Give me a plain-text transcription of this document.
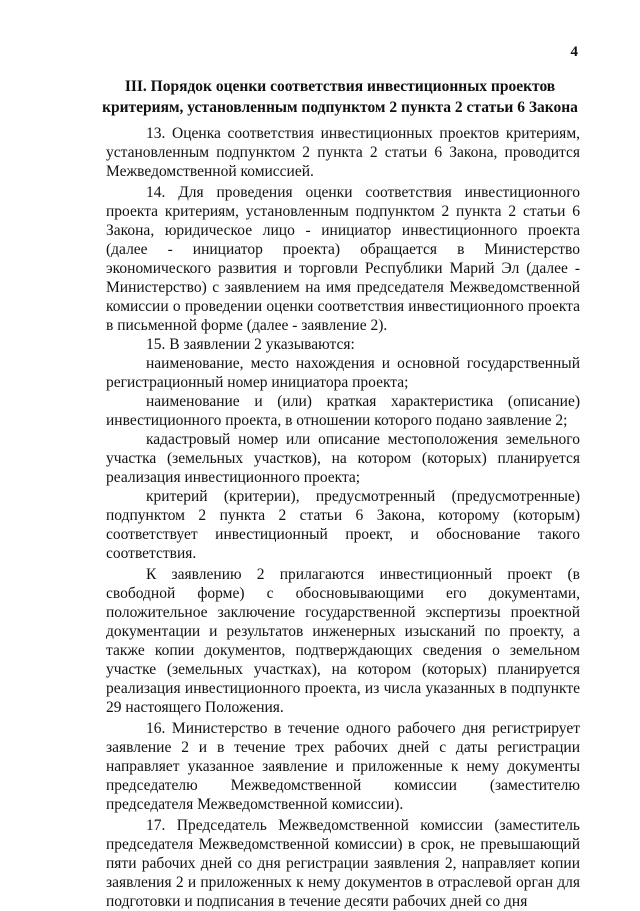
4
III. Порядок оценки соответствия инвестиционных проектов
критериям, установленным подпунктом 2 пункта 2 статьи 6 Закона

13. Оценка соответствия инвестиционных проектов критериям, установленным подпунктом 2 пункта 2 статьи 6 Закона, проводится Межведомственной комиссией.

14. Для проведения оценки соответствия инвестиционного проекта критериям, установленным подпунктом 2 пункта 2 статьи 6 Закона, юридическое лицо - инициатор инвестиционного проекта (далее - инициатор проекта) обращается в Министерство экономического развития и торговли Республики Марий Эл (далее - Министерство) с заявлением на имя председателя Межведомственной комиссии о проведении оценки соответствия инвестиционного проекта в письменной форме (далее - заявление 2).

15. В заявлении 2 указываются:

наименование, место нахождения и основной государственный регистрационный номер инициатора проекта;

наименование и (или) краткая характеристика (описание) инвестиционного проекта, в отношении которого подано заявление 2;

кадастровый номер или описание местоположения земельного участка (земельных участков), на котором (которых) планируется реализация инвестиционного проекта;

критерий (критерии), предусмотренный (предусмотренные) подпунктом 2 пункта 2 статьи 6 Закона, которому (которым) соответствует инвестиционный проект, и обоснование такого соответствия.

К заявлению 2 прилагаются инвестиционный проект (в свободной форме) с обосновывающими его документами, положительное заключение государственной экспертизы проектной документации и результатов инженерных изысканий по проекту, а также копии документов, подтверждающих сведения о земельном участке (земельных участках), на котором (которых) планируется реализация инвестиционного проекта, из числа указанных в подпункте 29 настоящего Положения.

16. Министерство в течение одного рабочего дня регистрирует заявление 2 и в течение трех рабочих дней с даты регистрации направляет указанное заявление и приложенные к нему документы председателю Межведомственной комиссии (заместителю председателя Межведомственной комиссии).

17. Председатель Межведомственной комиссии (заместитель председателя Межведомственной комиссии) в срок, не превышающий пяти рабочих дней со дня регистрации заявления 2, направляет копии заявления 2 и приложенных к нему документов в отраслевой орган для подготовки и подписания в течение десяти рабочих дней со дня
